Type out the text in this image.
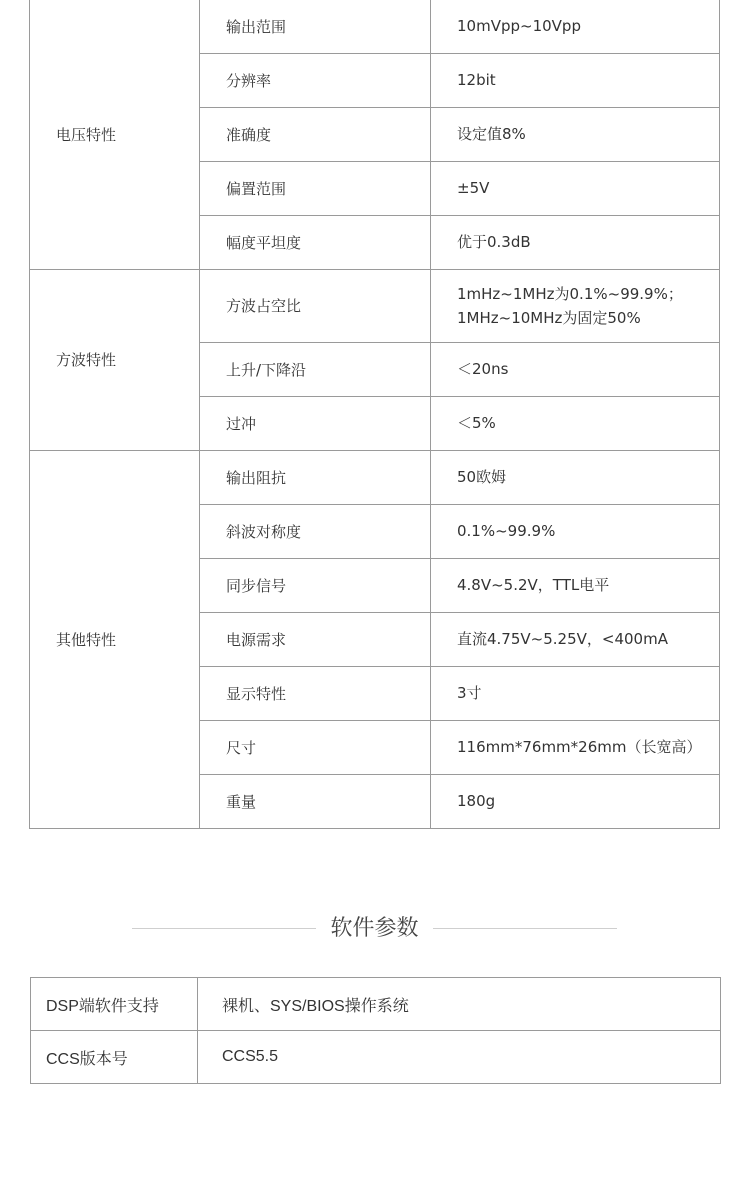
电压特性	输出范围	10mVpp~10Vpp

	分辨率	12bit

	准确度	设定值8%

	偏置范围	±5V

	幅度平坦度	优于0.3dB

方波特性	方波占空比	1mHz~1MHz为0.1%~99.9%；
1MHz~10MHz为固定50%

	上升/下降沿	＜20ns

	过冲	＜5%

其他特性	输出阻抗	50欧姆

	斜波对称度	0.1%~99.9%

	同步信号	4.8V~5.2V，TTL电平

	电源需求	直流4.75V~5.25V，<400mA

	显示特性	3寸

	尺寸	116mm*76mm*26mm（长宽高）

	重量	180g
软件参数
DSP端软件支持	裸机、SYS/BIOS操作系统
CCS版本号	CCS5.5
